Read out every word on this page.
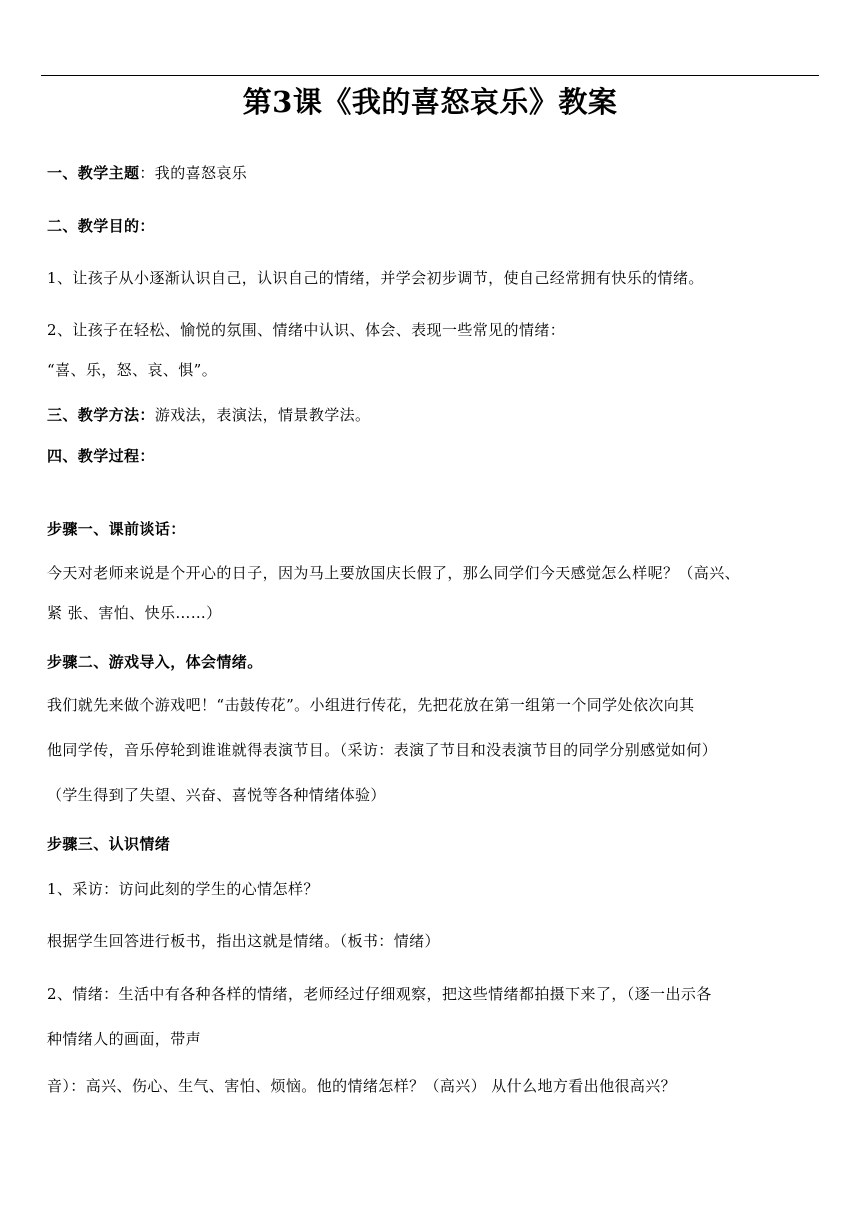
第3课《我的喜怒哀乐》教案
一、教学主题：我的喜怒哀乐
二、教学目的：
1、让孩子从小逐渐认识自己，认识自己的情绪，并学会初步调节，使自己经常拥有快乐的情绪。
2、让孩子在轻松、愉悦的氛围、情绪中认识、体会、表现一些常见的情绪：
“喜、乐，怒、哀、惧”。
三、教学方法：游戏法，表演法，情景教学法。
四、教学过程：
步骤一、课前谈话：
今天对老师来说是个开心的日子，因为马上要放国庆长假了，那么同学们今天感觉怎么样呢？（高兴、
紧 张、害怕、快乐……）
步骤二、游戏导入，体会情绪。
我们就先来做个游戏吧！“击鼓传花”。小组进行传花，先把花放在第一组第一个同学处依次向其
他同学传，音乐停轮到谁谁就得表演节目。（采访：表演了节目和没表演节目的同学分别感觉如何）
（学生得到了失望、兴奋、喜悦等各种情绪体验）
步骤三、认识情绪
1、采访：访问此刻的学生的心情怎样？
根据学生回答进行板书，指出这就是情绪。（板书：情绪）
2、情绪：生活中有各种各样的情绪，老师经过仔细观察，把这些情绪都拍摄下来了，（逐一出示各
种情绪人的画面，带声
音）：高兴、伤心、生气、害怕、烦恼。他的情绪怎样？（高兴） 从什么地方看出他很高兴？
